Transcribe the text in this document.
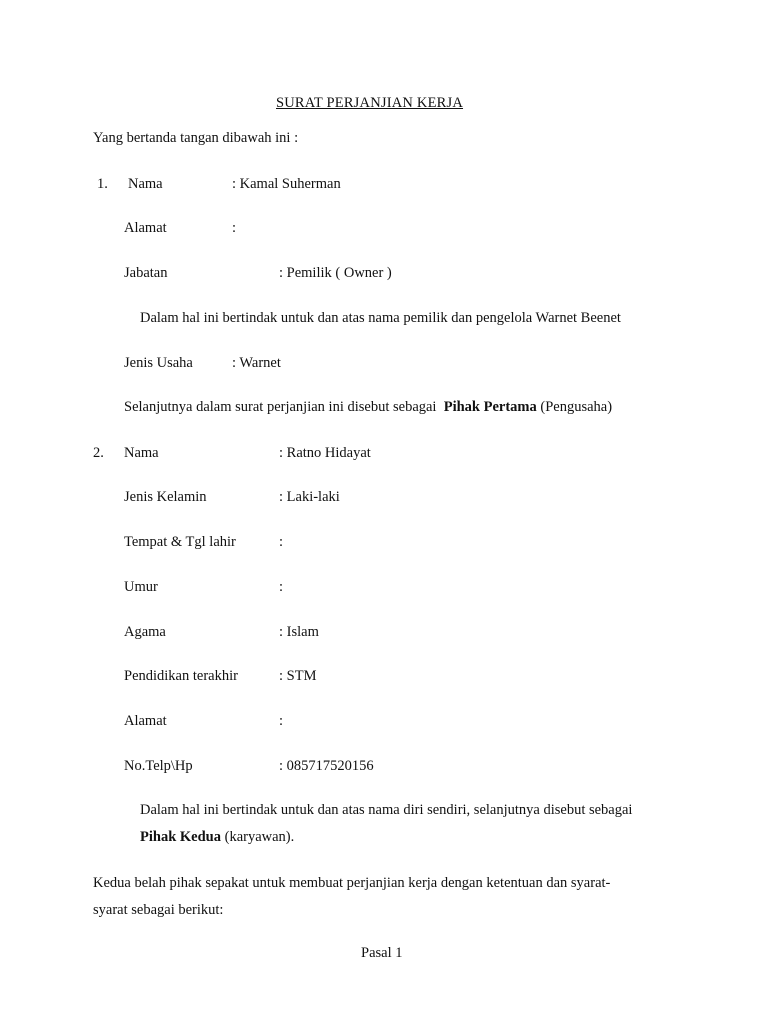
SURAT PERJANJIAN KERJA
Yang bertanda tangan dibawah ini :
1. Nama	: Kamal Suherman
Alamat	:
Jabatan	: Pemilik ( Owner )
Dalam hal ini bertindak untuk dan atas nama pemilik dan pengelola Warnet Beenet
Jenis Usaha	: Warnet
Selanjutnya dalam surat perjanjian ini disebut sebagai Pihak Pertama (Pengusaha)
2. Nama	: Ratno Hidayat
Jenis Kelamin	: Laki-laki
Tempat & Tgl lahir	:
Umur	:
Agama	: Islam
Pendidikan terakhir	: STM
Alamat	:
No.Telp\Hp	: 085717520156
Dalam hal ini bertindak untuk dan atas nama diri sendiri, selanjutnya disebut sebagai
Pihak Kedua (karyawan).
Kedua belah pihak sepakat untuk membuat perjanjian kerja dengan ketentuan dan syarat-
syarat sebagai berikut:
Pasal 1
